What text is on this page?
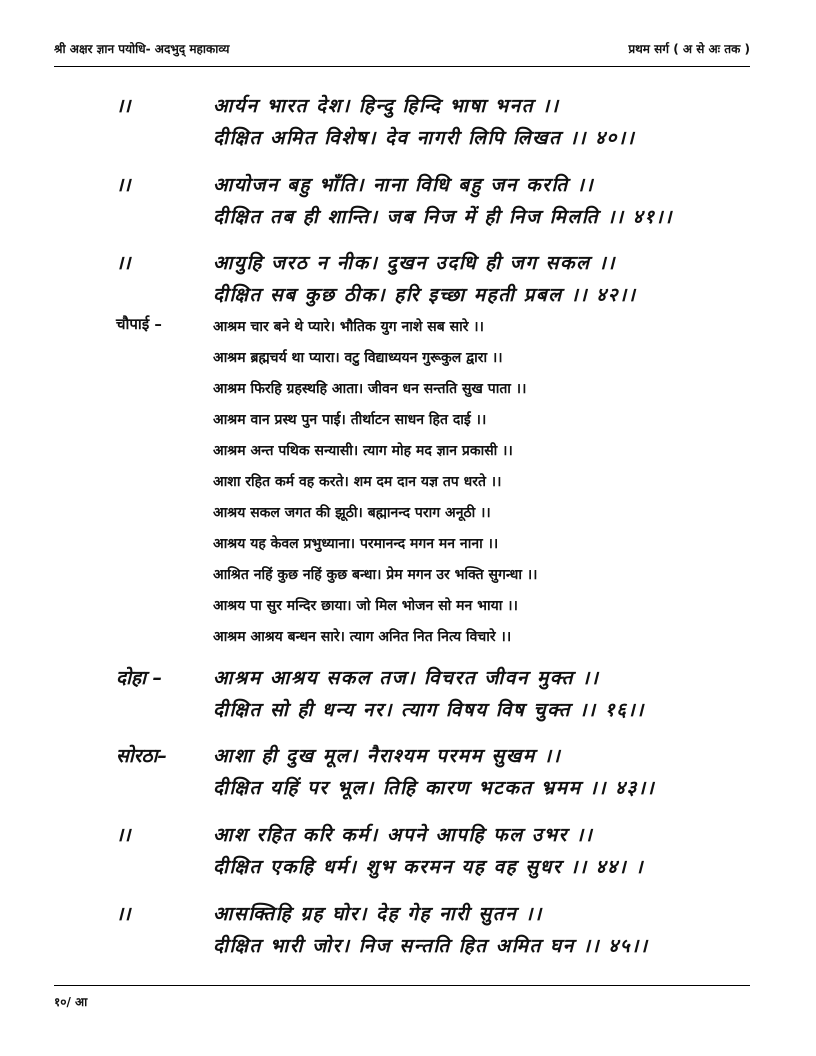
श्री अक्षर ज्ञान पयोधि- अदभुद् महाकाव्य	प्रथम सर्ग ( अ से अः तक )
।।	आर्यन भारत देश। हिन्दु हिन्दि भाषा भनत ।।
दीक्षित अमित विशेष। देव नागरी लिपि लिखत ।। ४०।।
।।	आयोजन बहु भाँति। नाना विधि बहु जन करति ।।
दीक्षित तब ही शान्ति। जब निज में ही निज मिलति ।। ४१।।
।।	आयुहि जरठ न नीक। दुखन उदधि ही जग सकल ।।
दीक्षित सब कुछ ठीक। हरि इच्छा महती प्रबल ।। ४२।।
चौपाई –	आश्रम चार बने थे प्यारे। भौतिक युग नाशे सब सारे ।।
आश्रम ब्रह्मचर्य था प्यारा। वटु विद्याध्ययन गुरूकुल द्वारा ।।
आश्रम फिरहि ग्रहस्थहि आता। जीवन धन सन्तति सुख पाता ।।
आश्रम वान प्रस्थ पुन पाई। तीर्थाटन साधन हित दाई ।।
आश्रम अन्त पथिक सन्यासी। त्याग मोह मद ज्ञान प्रकासी ।।
आशा रहित कर्म वह करते। शम दम दान यज्ञ तप धरते ।।
आश्रय सकल जगत की झूठी। बह्मानन्द पराग अनूठी ।।
आश्रय यह केवल प्रभुध्याना। परमानन्द मगन मन नाना ।।
आश्रित नहिं कुछ नहिं कुछ बन्धा। प्रेम मगन उर भक्ति सुगन्धा ।।
आश्रय पा सुर मन्दिर छाया। जो मिल भोजन सो मन भाया ।।
आश्रम आश्रय बन्धन सारे। त्याग अनित नित नित्य विचारे ।।
दोहा –	आश्रम आश्रय सकल तज। विचरत जीवन मुक्त ।।
दीक्षित सो ही धन्य नर। त्याग विषय विष चुक्त ।। १६।।
सोरठा– आशा ही दुख मूल। नैराश्यम परमम सुखम ।।
दीक्षित यहिं पर भूल। तिहि कारण भटकत भ्रमम ।। ४३।।
।।	आश रहित करि कर्म। अपने आपहि फल उभर ।।
दीक्षित एकहि धर्म। शुभ करमन यह वह सुधर ।। ४४। ।
।।	आसक्तिहि ग्रह घोर। देह गेह नारी सुतन ।।
दीक्षित भारी जोर। निज सन्तति हित अमित घन ।। ४५।।
१०/ आ
